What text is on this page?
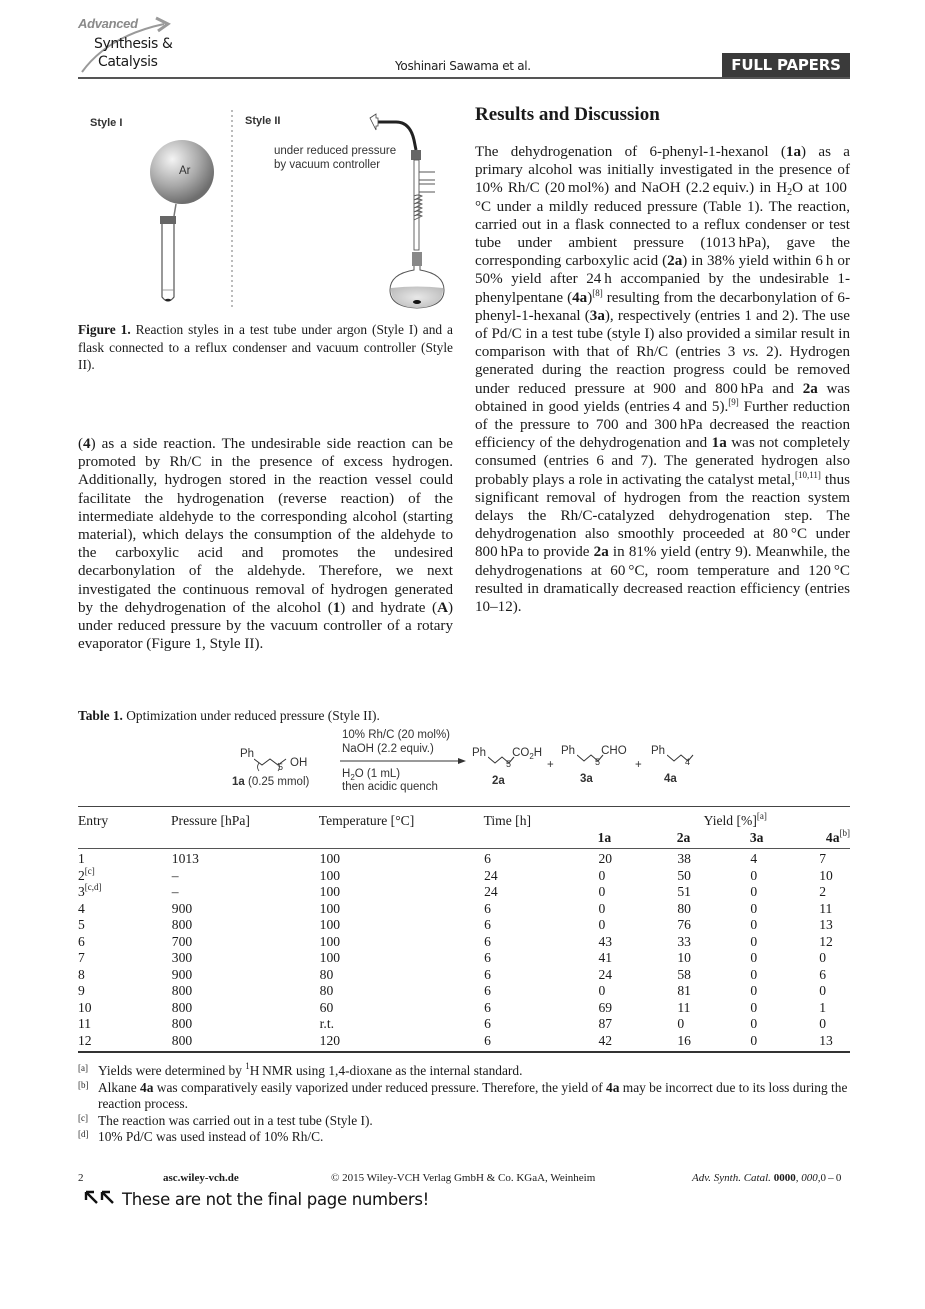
Advanced
Synthesis &
Catalysis	Yoshinari Sawama et al.	FULL PAPERS
Style I	Style II
Ar
under reduced pressure
by vacuum controller
Figure 1. Reaction styles in a test tube under argon (Style I) and a flask connected to a reflux condenser and vacuum controller (Style II).
(4) as a side reaction. The undesirable side reaction can be promoted by Rh/C in the presence of excess hydrogen. Additionally, hydrogen stored in the reaction vessel could facilitate the hydrogenation (reverse reaction) of the intermediate aldehyde to the corresponding alcohol (starting material), which delays the consumption of the aldehyde to the carboxylic acid and promotes the undesired decarbonylation of the aldehyde. Therefore, we next investigated the continuous removal of hydrogen generated by the dehydrogenation of the alcohol (1) and hydrate (A) under reduced pressure by the vacuum controller of a rotary evaporator (Figure 1, Style II).
Results and Discussion
The dehydrogenation of 6-phenyl-1-hexanol (1a) as a primary alcohol was initially investigated in the presence of 10% Rh/C (20 mol%) and NaOH (2.2 equiv.) in $H_2O$ at 100 °C under a mildly reduced pressure (Table 1). The reaction, carried out in a flask connected to a reflux condenser or test tube under ambient pressure (1013 hPa), gave the corresponding carboxylic acid (2a) in 38% yield within 6 h or 50% yield after 24 h accompanied by the undesirable 1-phenylpentane (4a)[8] resulting from the decarbonylation of 6-phenyl-1-hexanal (3a), respectively (entries 1 and 2). The use of Pd/C in a test tube (style I) also provided a similar result in comparison with that of Rh/C (entries 3 vs. 2). Hydrogen generated during the reaction progress could be removed under reduced pressure at 900 and 800 hPa and 2a was obtained in good yields (entries 4 and 5).[9] Further reduction of the pressure to 700 and 300 hPa decreased the reaction efficiency of the dehydrogenation and 1a was not completely consumed (entries 6 and 7). The generated hydrogen also probably plays a role in activating the catalyst metal,[10,11] thus significant removal of hydrogen from the reaction system delays the Rh/C-catalyzed dehydrogenation step. The dehydrogenation also smoothly proceeded at 80 °C under 800 hPa to provide 2a in 81% yield (entry 9). Meanwhile, the dehydrogenations at 60 °C, room temperature and 120 °C resulted in dramatically decreased reaction efficiency (entries 10–12).
Table 1. Optimization under reduced pressure (Style II).
Ph
5 OH
1a (0.25 mmol)
10% Rh/C (20 mol%)
NaOH (2.2 equiv.)
$H_2O$ (1 mL)
then acidic quench
Ph $CO_2H$
5	+
Ph CHO
5	+
Ph
4
2a	3a	4a
Entry	Pressure [hPa]	Temperature [°C]	Time [h]	Yield [%][a]
				1a	2a	3a	4a[b]
1	1013	100	6	20	38	4	7
2[c]	–	100	24	0	50	0	10
3[c,d]	–	100	24	0	51	0	2
4	900	100	6	0	80	0	11
5	800	100	6	0	76	0	13
6	700	100	6	43	33	0	12
7	300	100	6	41	10	0	0
8	900	80	6	24	58	0	6
9	800	80	6	0	81	0	0
10	800	60	6	69	11	0	1
11	800	r.t.	6	87	0	0	0
12	800	120	6	42	16	0	13
[a] Yields were determined by $^1$H NMR using 1,4-dioxane as the internal standard.
[b] Alkane 4a was comparatively easily vaporized under reduced pressure. Therefore, the yield of 4a may be incorrect due to its loss during the reaction process.
[c] The reaction was carried out in a test tube (Style I).
[d] 10% Pd/C was used instead of 10% Rh/C.
2	asc.wiley-vch.de	© 2015 Wiley-VCH Verlag GmbH & Co. KGaA, Weinheim	Adv. Synth. Catal. 0000, 000, 0 – 0
These are not the final page numbers!
